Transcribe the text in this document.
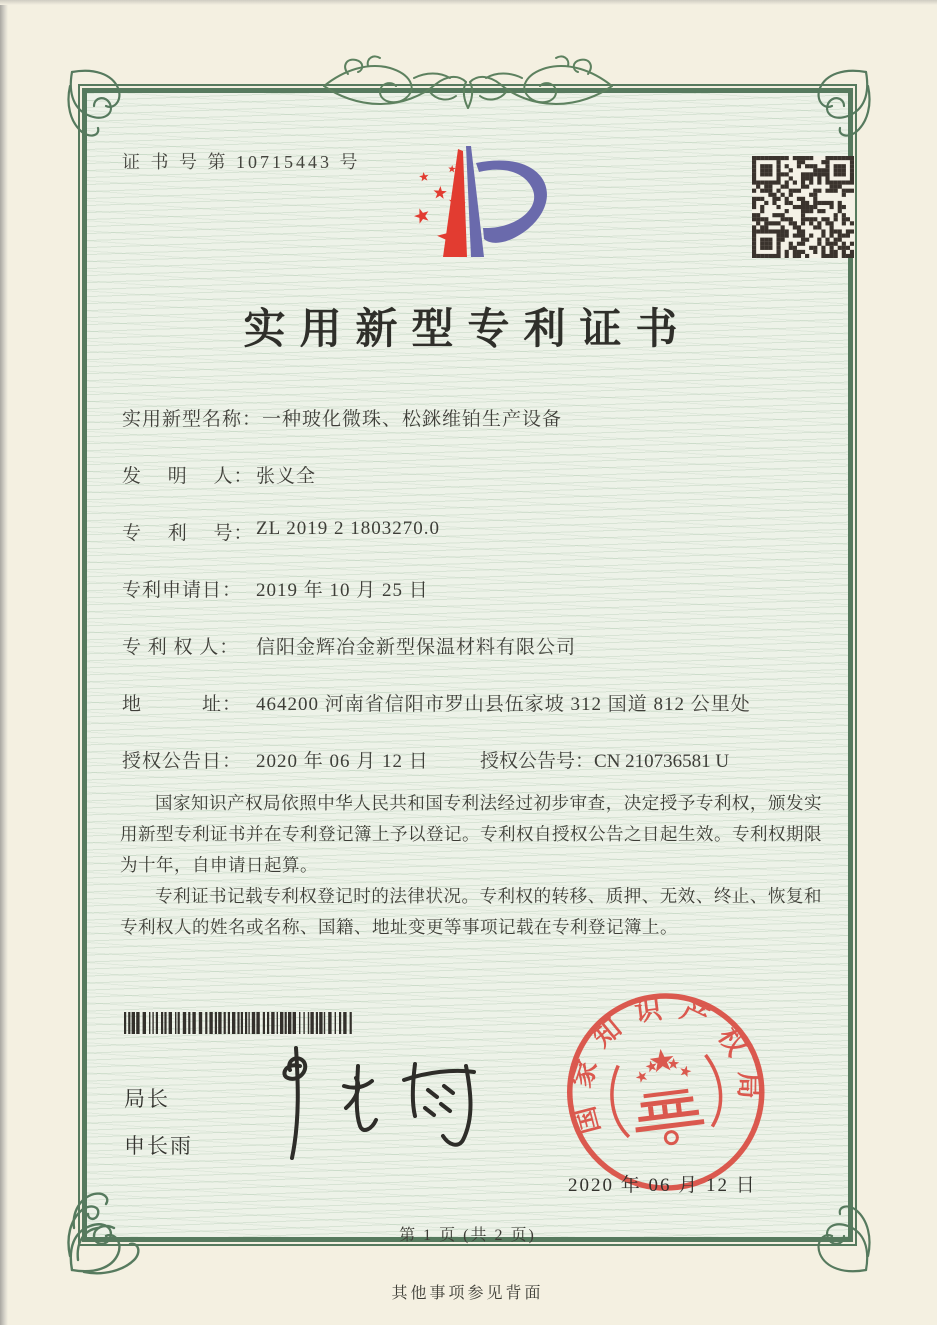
证 书 号 第 10715443 号
实用新型专利证书
实用新型名称： 一种玻化微珠、松銤维铂生产设备
发　 明 　人： 张义全
专 　利　 号： ZL 2019 2 1803270.0
专利申请日： 2019 年 10 月 25 日
专 利 权 人： 信阳金辉冶金新型保温材料有限公司
地　　　址： 464200 河南省信阳市罗山县伍家坡 312 国道 812 公里处
授权公告日： 2020 年 06 月 12 日	授权公告号：CN 210736581 U

国家知识产权局依照中华人民共和国专利法经过初步审查，决定授予专利权，颁发实用新型专利证书并在专利登记簿上予以登记。专利权自授权公告之日起生效。专利权期限为十年，自申请日起算。

专利证书记载专利权登记时的法律状况。专利权的转移、质押、无效、终止、恢复和专利权人的姓名或名称、国籍、地址变更等事项记载在专利登记簿上。

局长
申长雨
国家知识产权局
2020 年 06 月 12 日
第 1 页 (共 2 页)
其他事项参见背面
